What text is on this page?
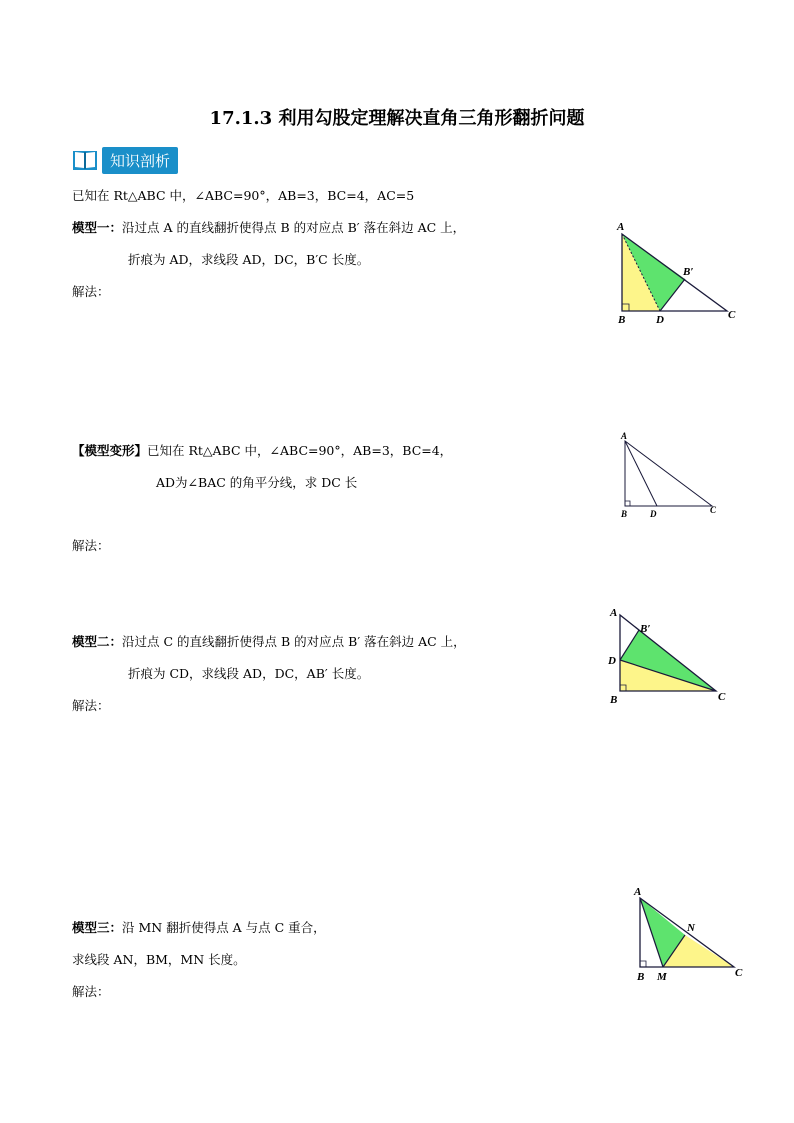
17.1.3 利用勾股定理解决直角三角形翻折问题
知识剖析
已知在 Rt△ABC 中，∠ABC=90°，AB=3，BC=4，AC=5
模型一：沿过点 A 的直线翻折使得点 B 的对应点 B′ 落在斜边 AC 上，
折痕为 AD，求线段 AD，DC，B′C 长度。
解法：
A
B	D	C
B′
【模型变形】已知在 Rt△ABC 中，∠ABC=90°，AB=3，BC=4，
AD为∠BAC 的角平分线，求 DC 长
解法：
A
B	D	C
模型二：沿过点 C 的直线翻折使得点 B 的对应点 B′ 落在斜边 AC 上，
折痕为 CD，求线段 AD，DC，AB′ 长度。
解法：
A
B′
D
B	C
模型三：沿 MN 翻折使得点 A 与点 C 重合，
求线段 AN，BM，MN 长度。
解法：
A
B M
N
C
